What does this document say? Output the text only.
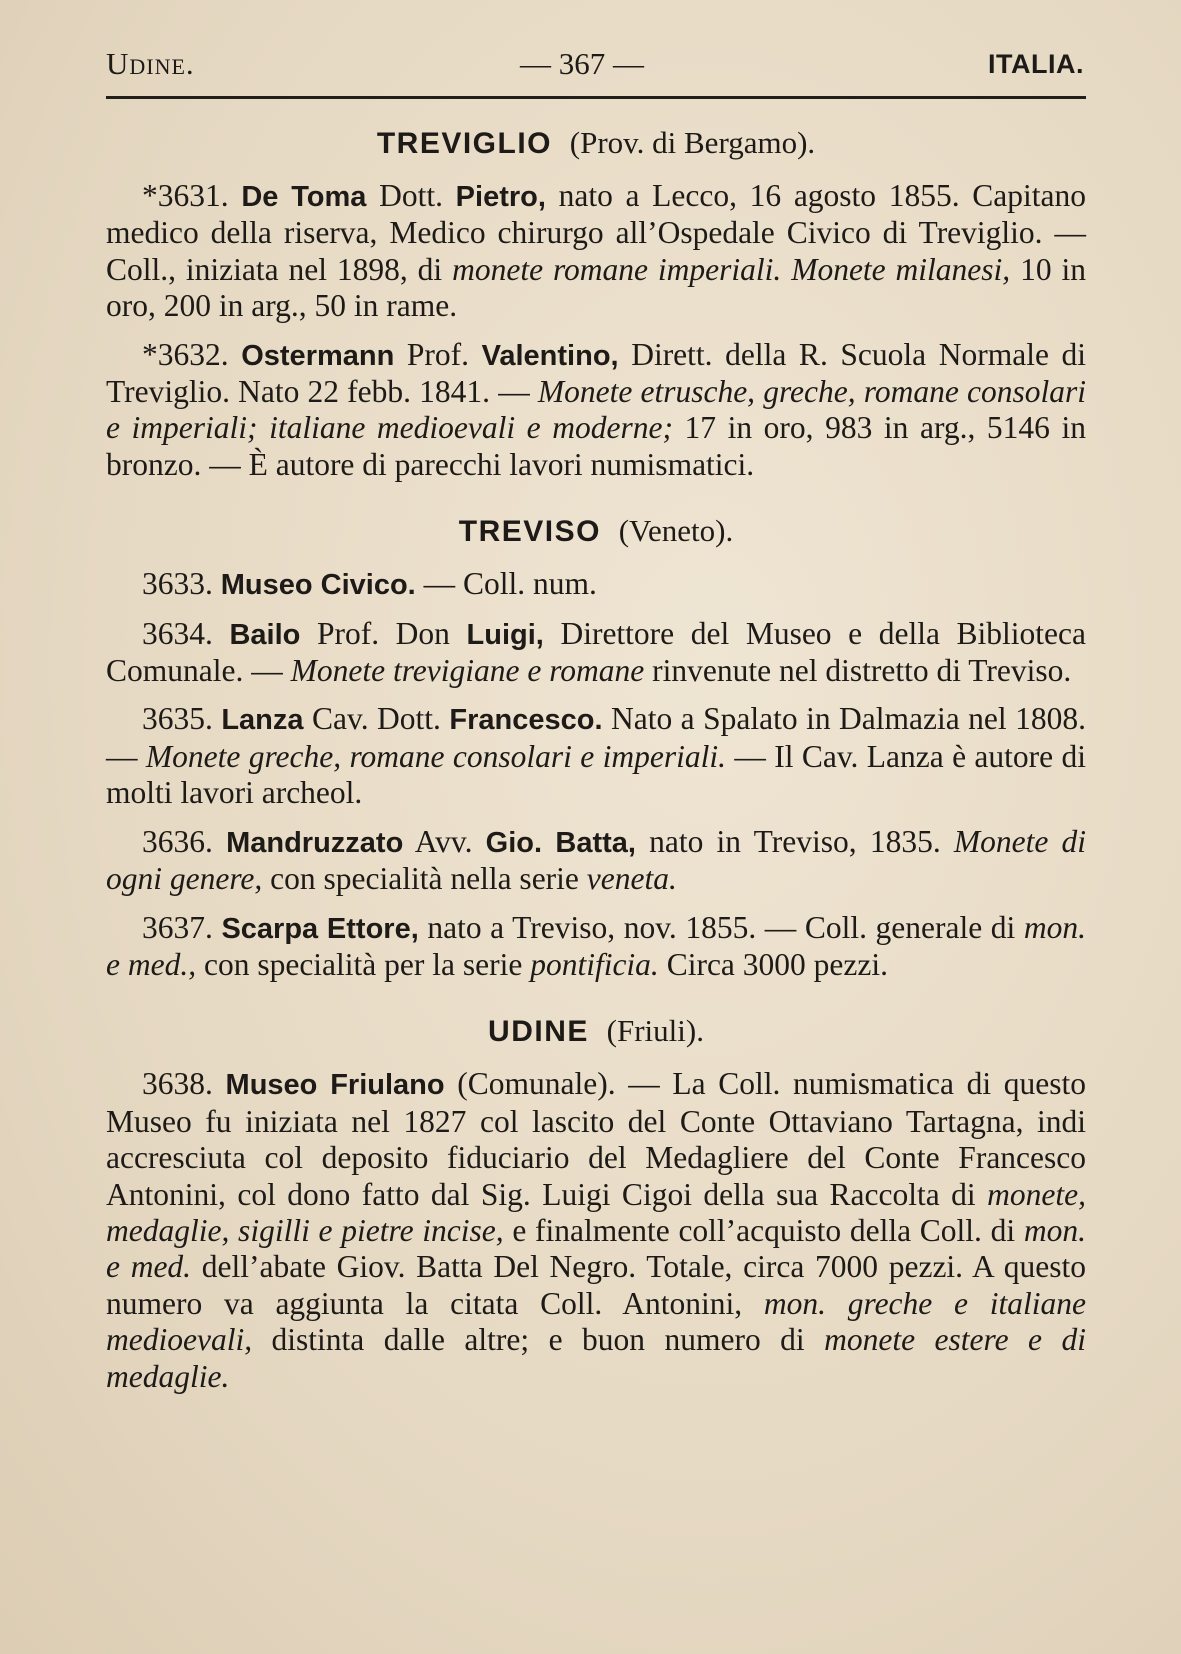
Udine.	— 367 —	ITALIA.
TREVIGLIO (Prov. di Bergamo).

*3631. De Toma Dott. Pietro, nato a Lecco, 16 agosto 1855. Capitano medico della riserva, Medico chirurgo all’Ospedale Civico di Treviglio. — Coll., iniziata nel 1898, di monete romane imperiali. Monete milanesi, 10 in oro, 200 in arg., 50 in rame.

*3632. Ostermann Prof. Valentino, Dirett. della R. Scuola Normale di Treviglio. Nato 22 febb. 1841. — Monete etrusche, greche, romane consolari e imperiali; italiane medioevali e moderne; 17 in oro, 983 in arg., 5146 in bronzo. — È autore di parecchi lavori numismatici.

TREVISO (Veneto).

3633. Museo Civico. — Coll. num.

3634. Bailo Prof. Don Luigi, Direttore del Museo e della Biblioteca Comunale. — Monete trevigiane e romane rinvenute nel distretto di Treviso.

3635. Lanza Cav. Dott. Francesco. Nato a Spalato in Dalmazia nel 1808. — Monete greche, romane consolari e imperiali. — Il Cav. Lanza è autore di molti lavori archeol.

3636. Mandruzzato Avv. Gio. Batta, nato in Treviso, 1835. Monete di ogni genere, con specialità nella serie veneta.

3637. Scarpa Ettore, nato a Treviso, nov. 1855. — Coll. generale di mon. e med., con specialità per la serie pontificia. Circa 3000 pezzi.

UDINE (Friuli).

3638. Museo Friulano (Comunale). — La Coll. numismatica di questo Museo fu iniziata nel 1827 col lascito del Conte Ottaviano Tartagna, indi accresciuta col deposito fiduciario del Medagliere del Conte Francesco Antonini, col dono fatto dal Sig. Luigi Cigoi della sua Raccolta di monete, medaglie, sigilli e pietre incise, e finalmente coll’acquisto della Coll. di mon. e med. dell’abate Giov. Batta Del Negro. Totale, circa 7000 pezzi. A questo numero va aggiunta la citata Coll. Antonini, mon. greche e italiane medioevali, distinta dalle altre; e buon numero di monete estere e di medaglie.
